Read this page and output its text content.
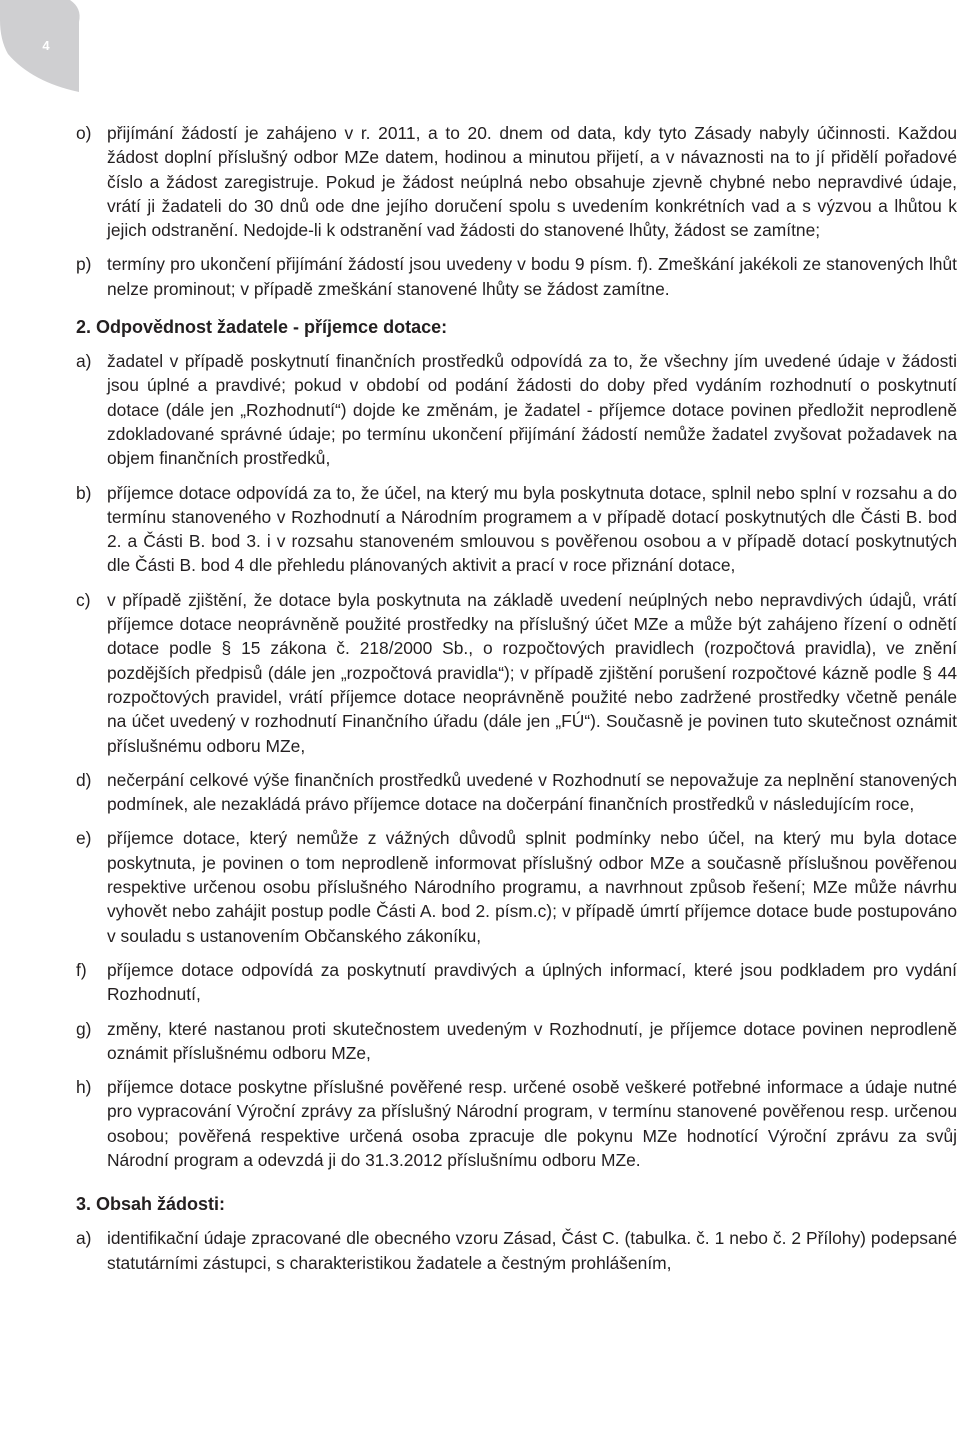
4
o) přijímání žádostí je zahájeno v r. 2011, a to 20. dnem od data, kdy tyto Zásady nabyly účinnosti. Každou žádost doplní příslušný odbor MZe datem, hodinou a minutou přijetí, a v návaznosti na to jí přidělí pořadové číslo a žádost zaregistruje. Pokud je žádost neúplná nebo obsahuje zjevně chybné nebo nepravdivé údaje, vrátí ji žadateli do 30 dnů ode dne jejího doručení spolu s uvedením konkrétních vad a s výzvou a lhůtou k jejich odstranění. Nedojde-li k odstranění vad žádosti do stanovené lhůty, žádost se zamítne;
p) termíny pro ukončení přijímání žádostí jsou uvedeny v bodu 9 písm. f). Zmeškání jakékoli ze stanovených lhůt nelze prominout; v případě zmeškání stanovené lhůty se žádost zamítne.
2. Odpovědnost žadatele - příjemce dotace:
a) žadatel v případě poskytnutí finančních prostředků odpovídá za to, že všechny jím uvedené údaje v žádosti jsou úplné a pravdivé; pokud v období od podání žádosti do doby před vydáním rozhodnutí o poskytnutí dotace (dále jen „Rozhodnutí“) dojde ke změnám, je žadatel - příjemce dotace povinen předložit neprodleně zdokladované správné údaje; po termínu ukončení přijímání žádostí nemůže žadatel zvyšovat požadavek na objem finančních prostředků,
b) příjemce dotace odpovídá za to, že účel, na který mu byla poskytnuta dotace, splnil nebo splní v rozsahu a do termínu stanoveného v Rozhodnutí a Národním programem a v případě dotací poskytnutých dle Části B. bod 2. a Části B. bod 3. i v rozsahu stanoveném smlouvou s pověřenou osobou a v případě dotací poskytnutých dle Části B. bod 4 dle přehledu plánovaných aktivit a prací v roce přiznání dotace,
c) v případě zjištění, že dotace byla poskytnuta na základě uvedení neúplných nebo nepravdivých údajů, vrátí příjemce dotace neoprávněně použité prostředky na příslušný účet MZe a může být zahájeno řízení o odnětí dotace podle § 15 zákona č. 218/2000 Sb., o rozpočtových pravidlech (rozpočtová pravidla), ve znění pozdějších předpisů (dále jen „rozpočtová pravidla“); v případě zjištění porušení rozpočtové kázně podle § 44 rozpočtových pravidel, vrátí příjemce dotace neoprávněně použité nebo zadržené prostředky včetně penále na účet uvedený v rozhodnutí Finančního úřadu (dále jen „FÚ“). Současně je povinen tuto skutečnost oznámit příslušnému odboru MZe,
d) nečerpání celkové výše finančních prostředků uvedené v Rozhodnutí se nepovažuje za neplnění stanovených podmínek, ale nezakládá právo příjemce dotace na dočerpání finančních prostředků v následujícím roce,
e) příjemce dotace, který nemůže z vážných důvodů splnit podmínky nebo účel, na který mu byla dotace poskytnuta, je povinen o tom neprodleně informovat příslušný odbor MZe a současně příslušnou pověřenou respektive určenou osobu příslušného Národního programu, a navrhnout způsob řešení; MZe může návrhu vyhovět nebo zahájit postup podle Části A. bod 2. písm.c); v případě úmrtí příjemce dotace bude postupováno v souladu s ustanovením Občanského zákoníku,
f)	příjemce dotace odpovídá za poskytnutí pravdivých a úplných informací, které jsou podkladem pro vydání Rozhodnutí,
g) změny, které nastanou proti skutečnostem uvedeným v Rozhodnutí, je příjemce dotace povinen neprodleně oznámit příslušnému odboru MZe,
h) příjemce dotace poskytne příslušné pověřené resp. určené osobě veškeré potřebné informace a údaje nutné pro vypracování Výroční zprávy za příslušný Národní program, v termínu stanovené pověřenou resp. určenou osobou; pověřená respektive určená osoba zpracuje dle pokynu MZe hodnotící Výroční zprávu za svůj Národní program a odevzdá ji do 31.3.2012 příslušnímu odboru MZe.
3. Obsah žádosti:
a) identifikační údaje zpracované dle obecného vzoru Zásad, Část C. (tabulka. č. 1 nebo č. 2 Přílohy) podepsané statutárními zástupci, s charakteristikou žadatele a čestným prohlášením,
